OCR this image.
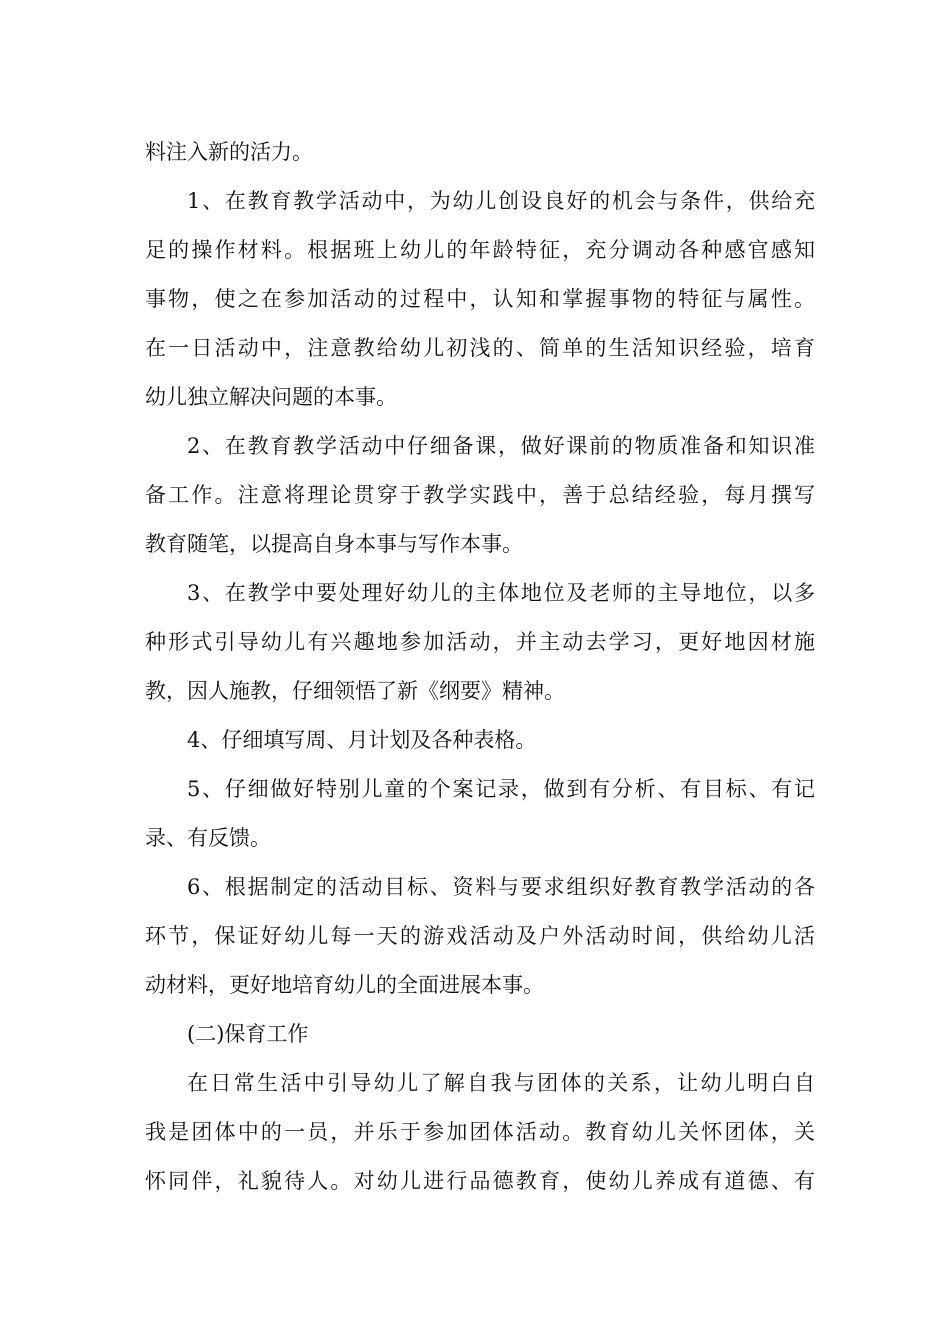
料注入新的活力。

1、在教育教学活动中，为幼儿创设良好的机会与条件，供给充
足的操作材料。根据班上幼儿的年龄特征，充分调动各种感官感知
事物，使之在参加活动的过程中，认知和掌握事物的特征与属性。
在一日活动中，注意教给幼儿初浅的、简单的生活知识经验，培育
幼儿独立解决问题的本事。

2、在教育教学活动中仔细备课，做好课前的物质准备和知识准
备工作。注意将理论贯穿于教学实践中，善于总结经验，每月撰写
教育随笔，以提高自身本事与写作本事。

3、在教学中要处理好幼儿的主体地位及老师的主导地位，以多
种形式引导幼儿有兴趣地参加活动，并主动去学习，更好地因材施
教，因人施教，仔细领悟了新《纲要》精神。

4、仔细填写周、月计划及各种表格。

5、仔细做好特别儿童的个案记录，做到有分析、有目标、有记
录、有反馈。

6、根据制定的活动目标、资料与要求组织好教育教学活动的各
环节，保证好幼儿每一天的游戏活动及户外活动时间，供给幼儿活
动材料，更好地培育幼儿的全面进展本事。

(二)保育工作

在日常生活中引导幼儿了解自我与团体的关系，让幼儿明白自
我是团体中的一员，并乐于参加团体活动。教育幼儿关怀团体，关
怀同伴，礼貌待人。对幼儿进行品德教育，使幼儿养成有道德、有
